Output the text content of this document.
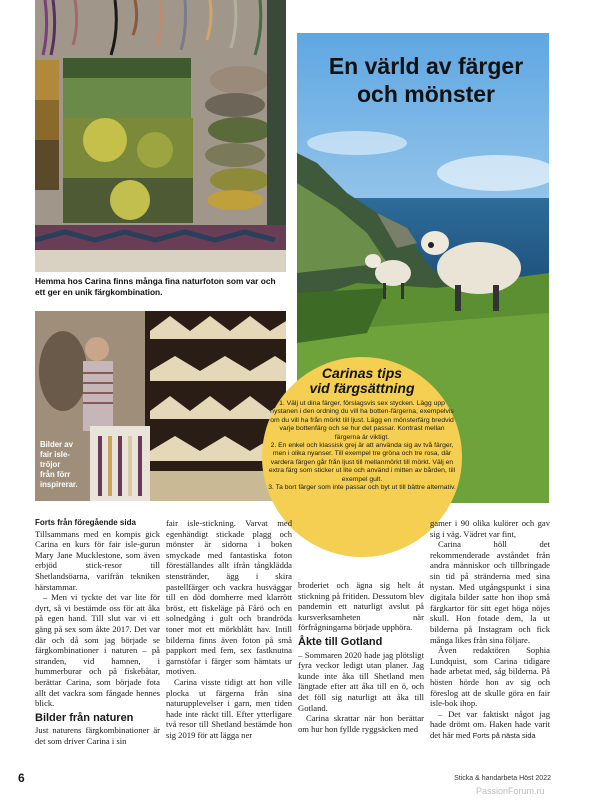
Hemma hos Carina finns många fina naturfoton som var och ett ger en unik färgkombination.
Bilder av
fair isle-
tröjor
från förr
inspirerar.
En värld av färger
och mönster
Carinas tips
vid färgsättning
1. Välj ut dina färger, förslagsvis sex stycken. Lägg upp nystanen i den ordning du vill ha botten-färgerna, exempelvis om du vill ha från mörkt till ljust. Lägg en mönsterfärg bredvid varje bottenfärg och se hur det passar. Kontrast mellan färgerna är viktigt.
2. En enkel och klassisk grej är att använda sig av två färger, men i olika nyanser. Till exempel tre gröna och tre rosa, där vardera färgen går från ljust till mellanmörkt till mörkt. Välj en extra färg som sticker ut lite och använd i mitten av bården, till exempel gult.
3. Ta bort färger som inte passar och byt ut till bättre alternativ.

Forts från föregående sida

Tillsammans med en kompis gick Carina en kurs för fair isle-gurun Mary Jane Mucklestone, som även erbjöd stick-resor till Shetlandsöarna, varifrån tekniken härstammar.

– Men vi tyckte det var lite för dyrt, så vi bestämde oss för att åka på egen hand. Till slut var vi ett gäng på sex som åkte 2017. Det var där och då som jag började se färgkombinationer i naturen – på stranden, vid hamnen, i hummerburar och på fiskebåtar, berättar Carina, som började fota allt det vackra som fångade hennes blick.

Bilder från naturen

Just naturens färgkombinationer är det som driver Carina i sin

fair isle-stickning. Varvat med egenhändigt stickade plagg och mönster är sidorna i boken smyckade med fantastiska foton föreställandes allt ifrån tångklädda stenstränder, ägg i skira pastellfärger och vackra husväggar till en död domherre med klarrött bröst, ett fiskeläge på Fårö och en solnedgång i gult och brandröda toner mot ett mörkblått hav. Intill bilderna finns även foton på små pappkort med fem, sex fastknutna garnstöfar i färger som hämtats ur motiven.

Carina visste tidigt att hon ville plocka ut färgerna från sina naturupplevelser i garn, men tiden hade inte räckt till. Efter ytterligare två resor till Shetland bestämde hon sig 2019 för att lägga ner

broderiet och ägna sig helt åt stickning på fritiden. Dessutom blev pandemin ett naturligt avslut på kursverksamheten när förfrågningarna började upphöra.

Åkte till Gotland

– Sommaren 2020 hade jag plötsligt fyra veckor ledigt utan planer. Jag kunde inte åka till Shetland men längtade efter att åka till en ö, och det föll sig naturligt att åka till Gotland.

Carina skrattar när hon berättar om hur hon fyllde ryggsäcken med

gamer i 90 olika kulörer och gav sig i väg. Vädret var fint,

Carina höll det rekommenderade avståndet från andra människor och tillbringade sin tid på stränderna med sina nystan. Med utgångspunkt i sina digitala bilder satte hon ihop små färgkartor för sitt eget höga nöjes skull. Hon fotade dem, la ut bilderna på Instagram och fick många likes från sina följare.

Även redaktören Sophia Lundquist, som Carina tidigare hade arbetat med, såg bilderna. På hösten hörde hon av sig och föreslog att de skulle göra en fair isle-bok ihop.

– Det var faktiskt något jag hade drömt om. Haken hade varit det här med Forts på nästa sida

6	Sticka & handarbeta Höst 2022
PassionForum.ru
